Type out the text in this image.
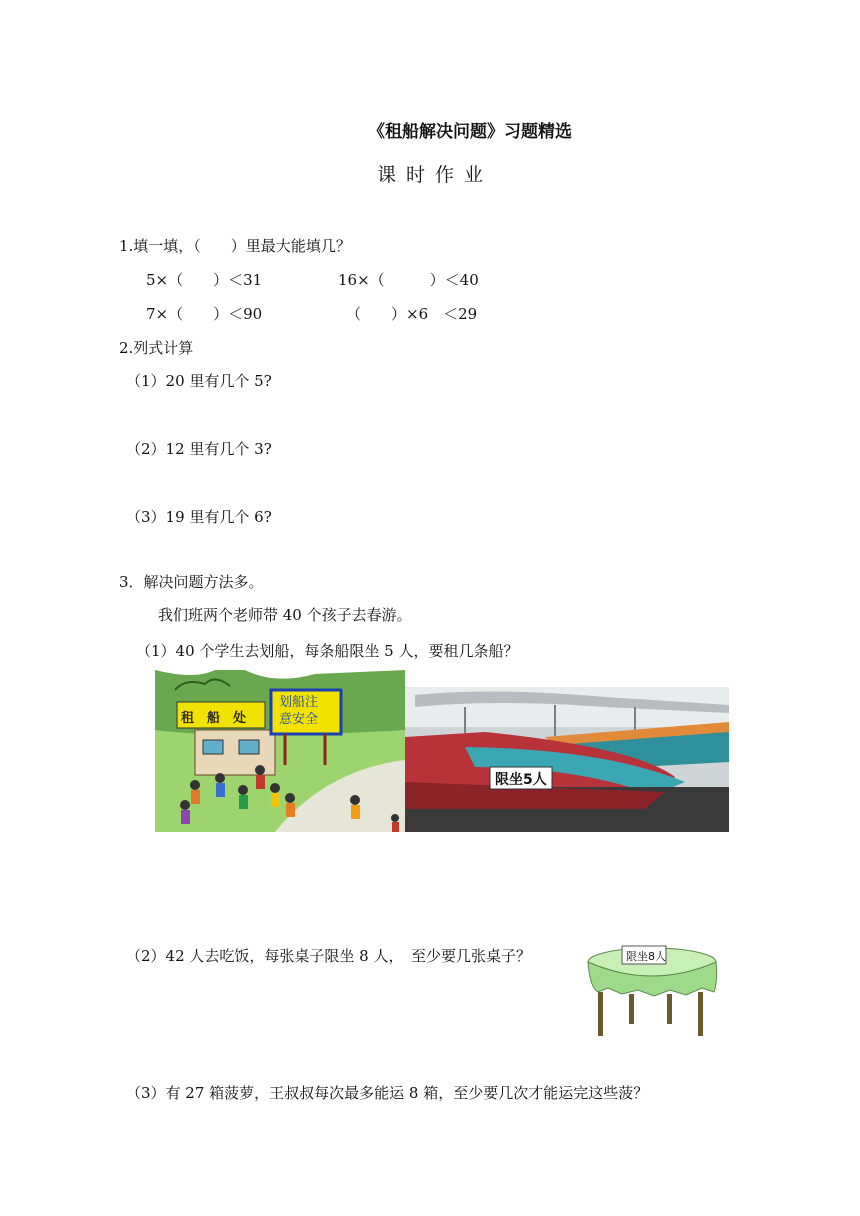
《租船解决问题》习题精选
课时作业
1.填一填，（　　）里最大能填几？
5×（　　）＜31	16×（　　　）＜40
7×（　　）＜90	（　　）×6　＜29
2.列式计算
（1）20 里有几个 5?
（2）12 里有几个 3?
（3）19 里有几个 6?
3．解决问题方法多。
我们班两个老师带 40 个孩子去春游。
（1）40 个学生去划船，每条船限坐 5 人，要租几条船？
租　船　处
划船注
意安全
限坐5人
（2）42 人去吃饭，每张桌子限坐 8 人，　至少要几张桌子？	限坐8人
（3）有 27 箱菠萝，王叔叔每次最多能运 8 箱，至少要几次才能运完这些菠？
